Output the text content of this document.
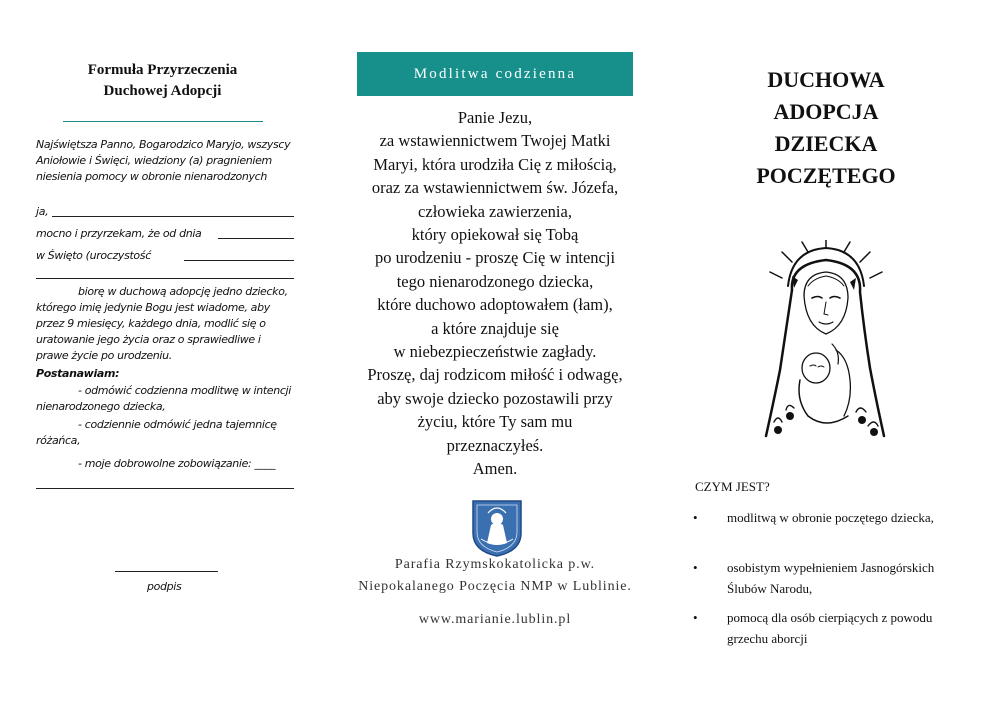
Formuła Przyrzeczenia
Duchowej Adopcji

Najświętsza Panno, Bogarodzico Maryjo, wszyscy Aniołowie i Święci, wiedziony (a) pragnieniem niesienia pomocy w obronie nienarodzonych

ja,
mocno i przyrzekam, że od dnia
w Święto (uroczystość

biorę w duchową adopcję jedno dziecko, którego imię jedynie Bogu jest wiadome, aby przez 9 miesięcy, każdego dnia, modlić się o uratowanie jego życia oraz o sprawiedliwe i prawe życie po urodzeniu.

Postanawiam:

- odmówić codzienna modlitwę w intencji nienarodzonego dziecka,

- codziennie odmówić jedna tajemnicę różańca,

- moje dobrowolne zobowiązanie: ____

podpis
Modlitwa codzienna
Panie Jezu,
za wstawiennictwem Twojej Matki
Maryi, która urodziła Cię z miłością,
oraz za wstawiennictwem św. Józefa,
człowieka zawierzenia,
który opiekował się Tobą
po urodzeniu - proszę Cię w intencji
tego nienarodzonego dziecka,
które duchowo adoptowałem (łam),
a które znajduje się
w niebezpieczeństwie zagłady.
Proszę, daj rodzicom miłość i odwagę,
aby swoje dziecko pozostawili przy
życiu, które Ty sam mu
przeznaczyłeś.
Amen.
Parafia Rzymskokatolicka p.w.
Niepokalanego Poczęcia NMP w Lublinie.
www.marianie.lublin.pl
DUCHOWA
ADOPCJA
DZIECKA
POCZĘTEGO
CZYM JEST?
• modlitwą w obronie poczętego dziecka,
• osobistym wypełnieniem Jasnogórskich Ślubów Narodu,
• pomocą dla osób cierpiących z powodu grzechu aborcji
